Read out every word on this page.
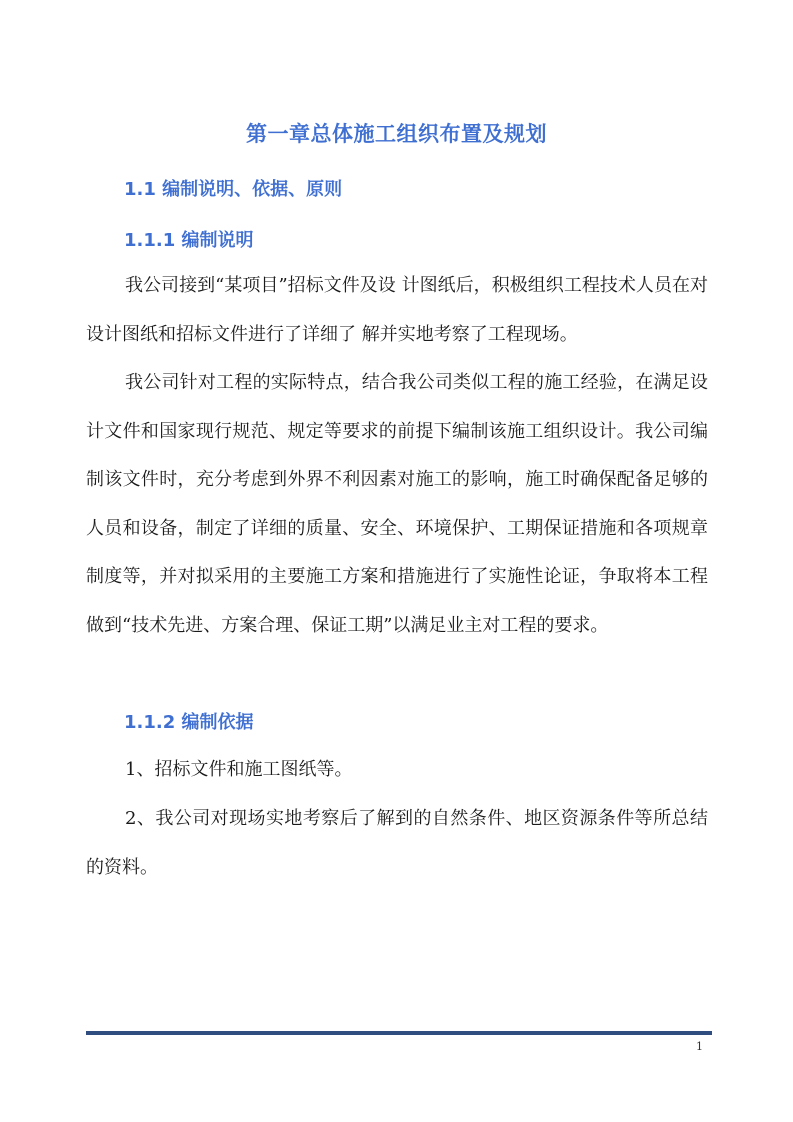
第一章总体施工组织布置及规划
1.1 编制说明、依据、原则
1.1.1 编制说明

我公司接到“某项目”招标文件及设 计图纸后，积极组织工程技术人员在对设计图纸和招标文件进行了详细了 解并实地考察了工程现场。

我公司针对工程的实际特点，结合我公司类似工程的施工经验，在满足设计文件和国家现行规范、规定等要求的前提下编制该施工组织设计。我公司编制该文件时，充分考虑到外界不利因素对施工的影响，施工时确保配备足够的人员和设备，制定了详细的质量、安全、环境保护、工期保证措施和各项规章制度等，并对拟采用的主要施工方案和措施进行了实施性论证，争取将本工程做到“技术先进、方案合理、保证工期”以满足业主对工程的要求。

1.1.2 编制依据

1、招标文件和施工图纸等。

2、我公司对现场实地考察后了解到的自然条件、地区资源条件等所总结的资料。

1
